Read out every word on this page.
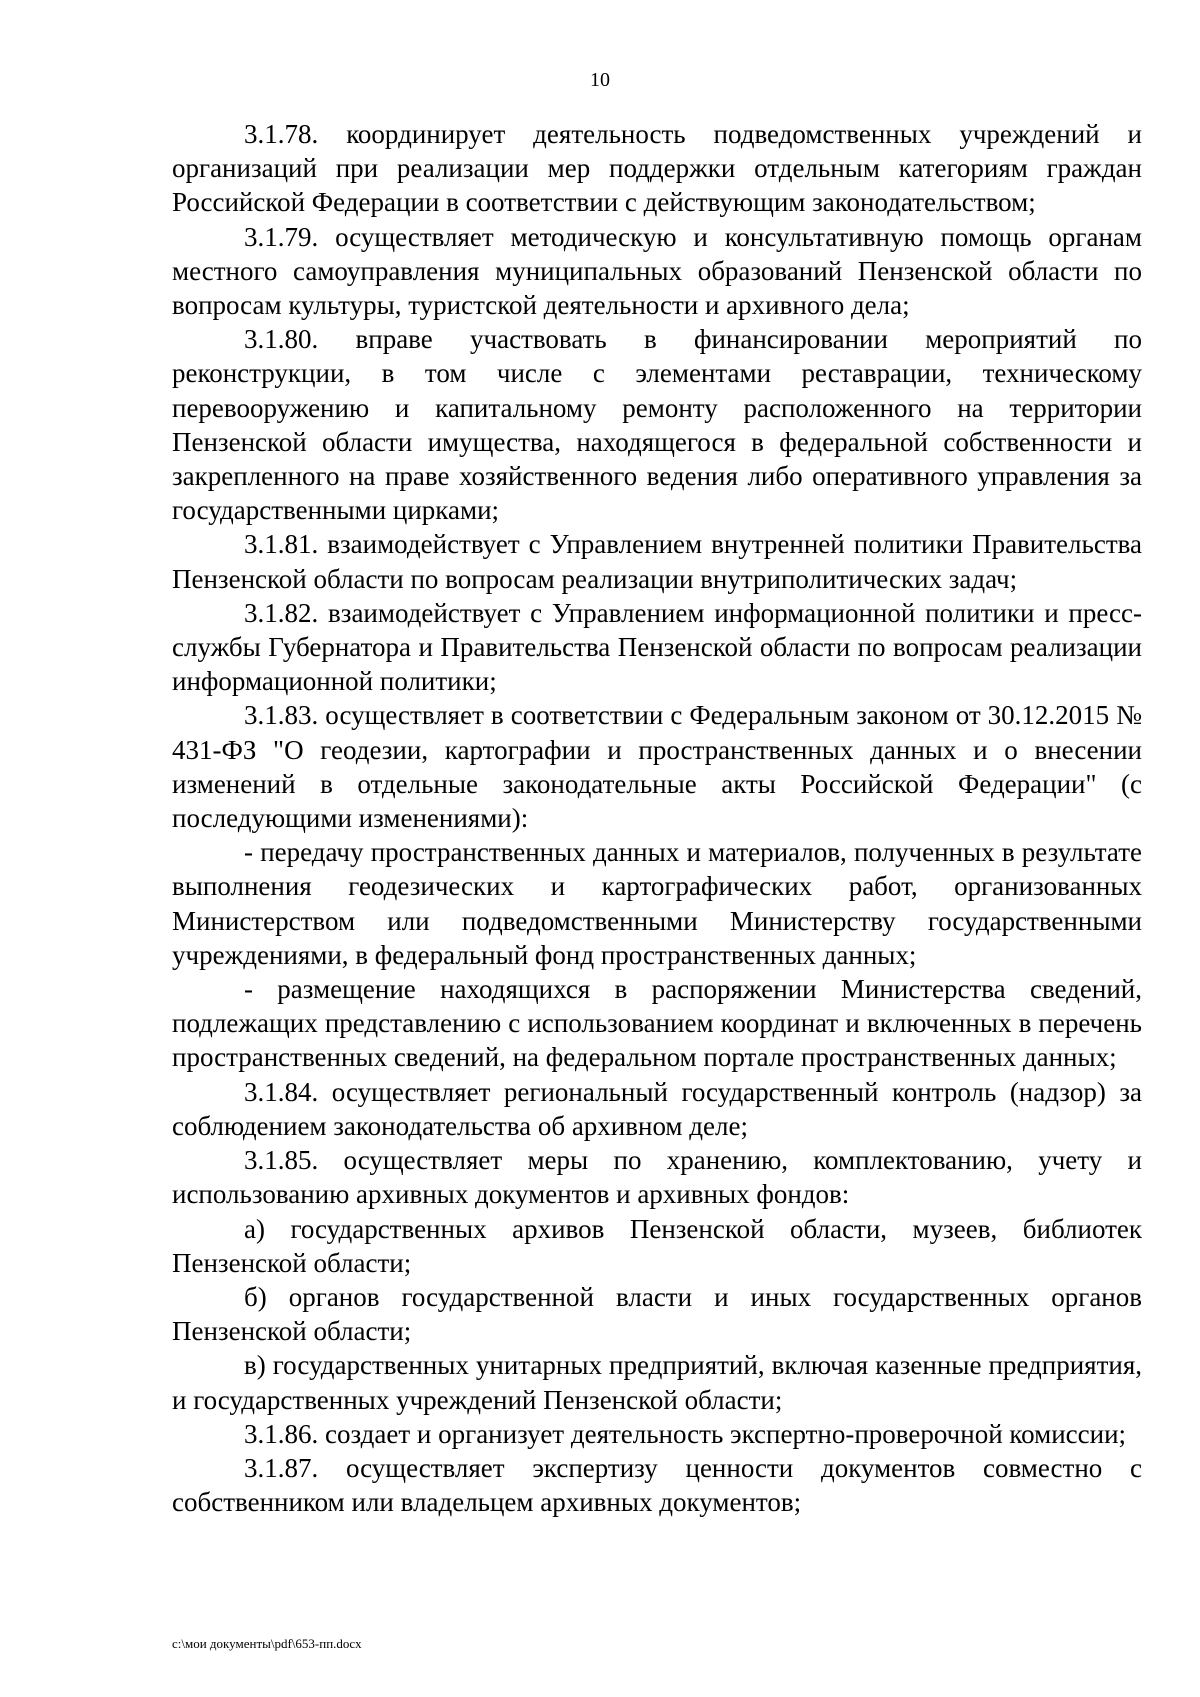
10

3.1.78. координирует деятельность подведомственных учреждений и организаций при реализации мер поддержки отдельным категориям граждан Российской Федерации в соответствии с действующим законодательством;

3.1.79. осуществляет методическую и консультативную помощь органам местного самоуправления муниципальных образований Пензенской области по вопросам культуры, туристской деятельности и архивного дела;

3.1.80. вправе участвовать в финансировании мероприятий по реконструкции, в том числе с элементами реставрации, техническому перевооружению и капитальному ремонту расположенного на территории Пензенской области имущества, находящегося в федеральной собственности и закрепленного на праве хозяйственного ведения либо оперативного управления за государственными цирками;

3.1.81. взаимодействует с Управлением внутренней политики Правительства Пензенской области по вопросам реализации внутриполитических задач;

3.1.82. взаимодействует с Управлением информационной политики и пресс-службы Губернатора и Правительства Пензенской области по вопросам реализации информационной политики;

3.1.83. осуществляет в соответствии с Федеральным законом от 30.12.2015 № 431-ФЗ "О геодезии, картографии и пространственных данных и о внесении изменений в отдельные законодательные акты Российской Федерации" (с последующими изменениями):

- передачу пространственных данных и материалов, полученных в результате выполнения геодезических и картографических работ, организованных Министерством или подведомственными Министерству государственными учреждениями, в федеральный фонд пространственных данных;

- размещение находящихся в распоряжении Министерства сведений, подлежащих представлению с использованием координат и включенных в перечень пространственных сведений, на федеральном портале пространственных данных;

3.1.84. осуществляет региональный государственный контроль (надзор) за соблюдением законодательства об архивном деле;

3.1.85. осуществляет меры по хранению, комплектованию, учету и использованию архивных документов и архивных фондов:

а) государственных архивов Пензенской области, музеев, библиотек Пензенской области;

б) органов государственной власти и иных государственных органов Пензенской области;

в) государственных унитарных предприятий, включая казенные предприятия, и государственных учреждений Пензенской области;

3.1.86. создает и организует деятельность экспертно-проверочной комиссии;

3.1.87. осуществляет экспертизу ценности документов совместно с собственником или владельцем архивных документов;

c:\мои документы\pdf\653-пп.docx
